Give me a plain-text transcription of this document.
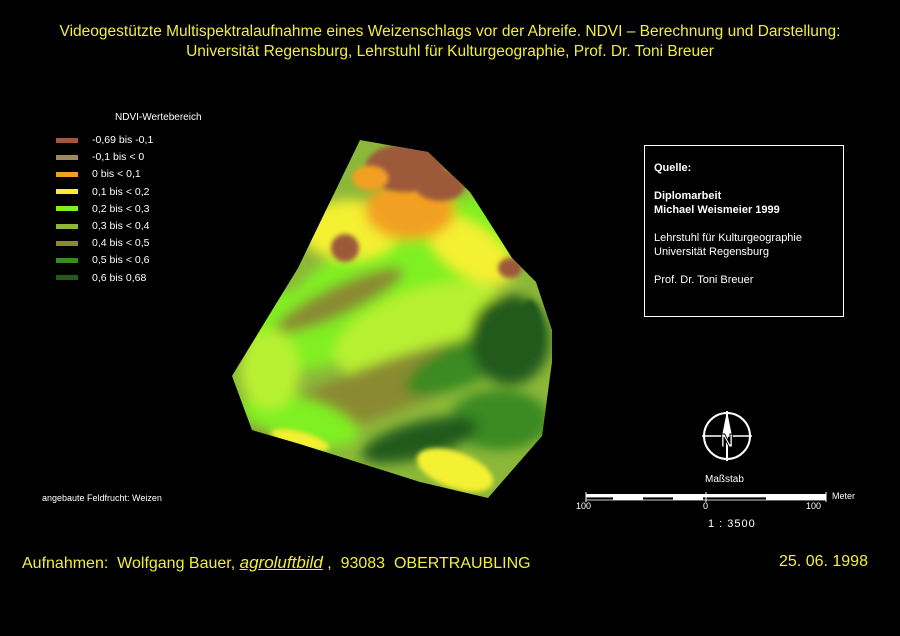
Videogestützte Multispektralaufnahme eines Weizenschlags vor der Abreife. NDVI – Berechnung und Darstellung:
Universität Regensburg, Lehrstuhl für Kulturgeographie, Prof. Dr. Toni Breuer
NDVI-Wertebereich
-0,69 bis -0,1
-0,1 bis < 0
0 bis < 0,1
0,1 bis < 0,2
0,2 bis < 0,3
0,3 bis < 0,4
0,4 bis < 0,5
0,5 bis < 0,6
0,6 bis 0,68
N
Quelle:
Diplomarbeit
Michael Weismeier 1999
Lehrstuhl für Kulturgeographie
Universität Regensburg
Prof. Dr. Toni Breuer
angebaute Feldfrucht: Weizen
Maßstab
Meter
100	0	100
1 : 3500
Aufnahmen:  Wolfgang Bauer, agroluftbild ,  93083  OBERTRAUBLING	25. 06. 1998
